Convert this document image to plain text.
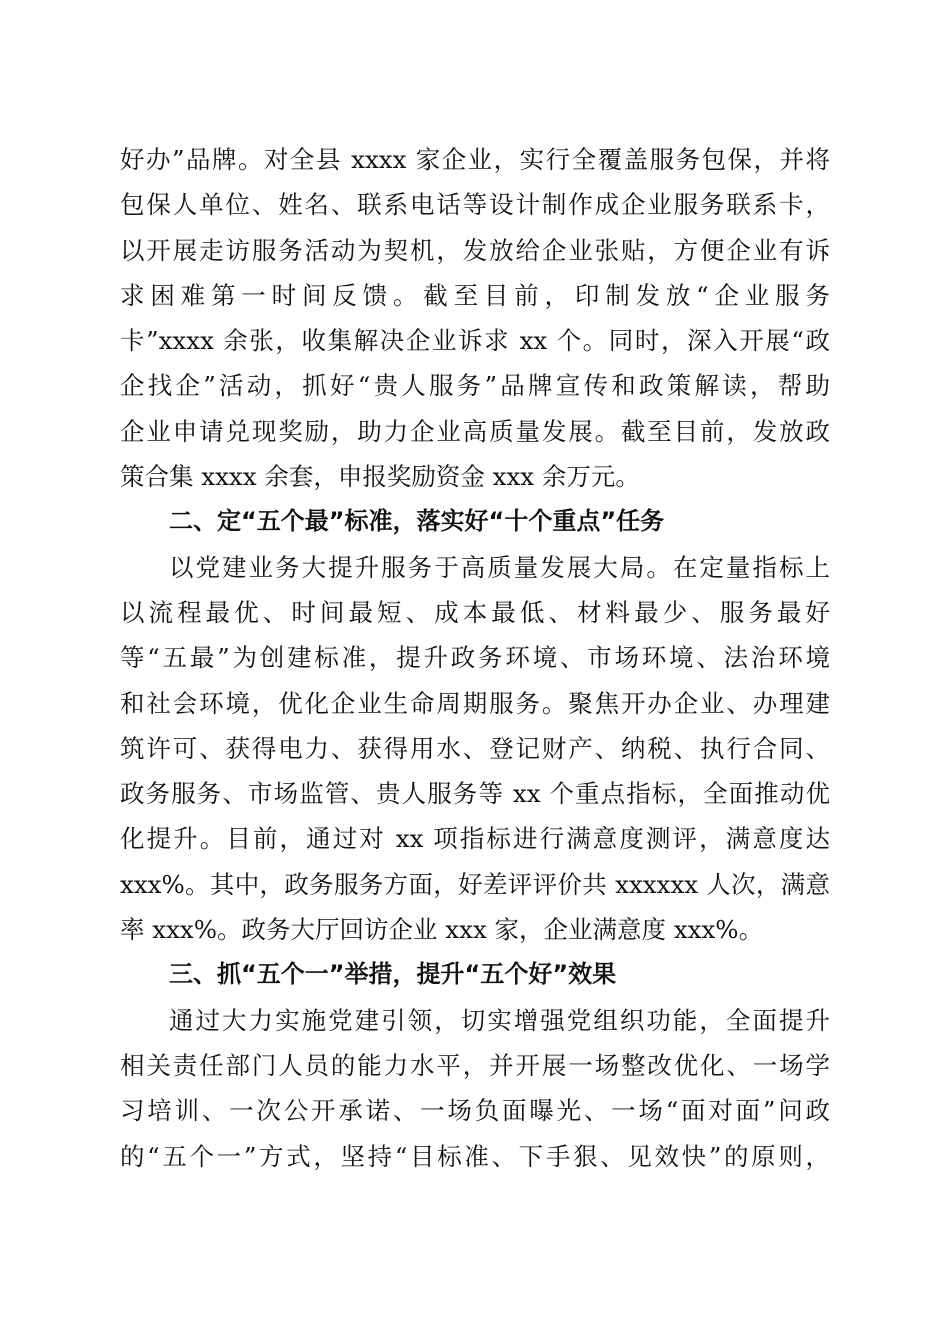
好办”品牌。对全县 xxxx 家企业，实行全覆盖服务包保，并将
包保人单位、姓名、联系电话等设计制作成企业服务联系卡，
以开展走访服务活动为契机，发放给企业张贴，方便企业有诉
求困难第一时间反馈。截至目前，印制发放“企业服务
卡”xxxx 余张，收集解决企业诉求 xx 个。同时，深入开展“政
企找企”活动，抓好“贵人服务”品牌宣传和政策解读，帮助
企业申请兑现奖励，助力企业高质量发展。截至目前，发放政
策合集 xxxx 余套，申报奖励资金 xxx 余万元。
二、定“五个最”标准，落实好“十个重点”任务
以党建业务大提升服务于高质量发展大局。在定量指标上
以流程最优、时间最短、成本最低、材料最少、服务最好
等“五最”为创建标准，提升政务环境、市场环境、法治环境
和社会环境，优化企业生命周期服务。聚焦开办企业、办理建
筑许可、获得电力、获得用水、登记财产、纳税、执行合同、
政务服务、市场监管、贵人服务等 xx 个重点指标，全面推动优
化提升。目前，通过对 xx 项指标进行满意度测评，满意度达
xxx%。其中，政务服务方面，好差评评价共 xxxxxx 人次，满意
率 xxx%。政务大厅回访企业 xxx 家，企业满意度 xxx%。
三、抓“五个一”举措，提升“五个好”效果
通过大力实施党建引领，切实增强党组织功能，全面提升
相关责任部门人员的能力水平，并开展一场整改优化、一场学
习培训、一次公开承诺、一场负面曝光、一场“面对面”问政
的“五个一”方式，坚持“目标准、下手狠、见效快”的原则，
